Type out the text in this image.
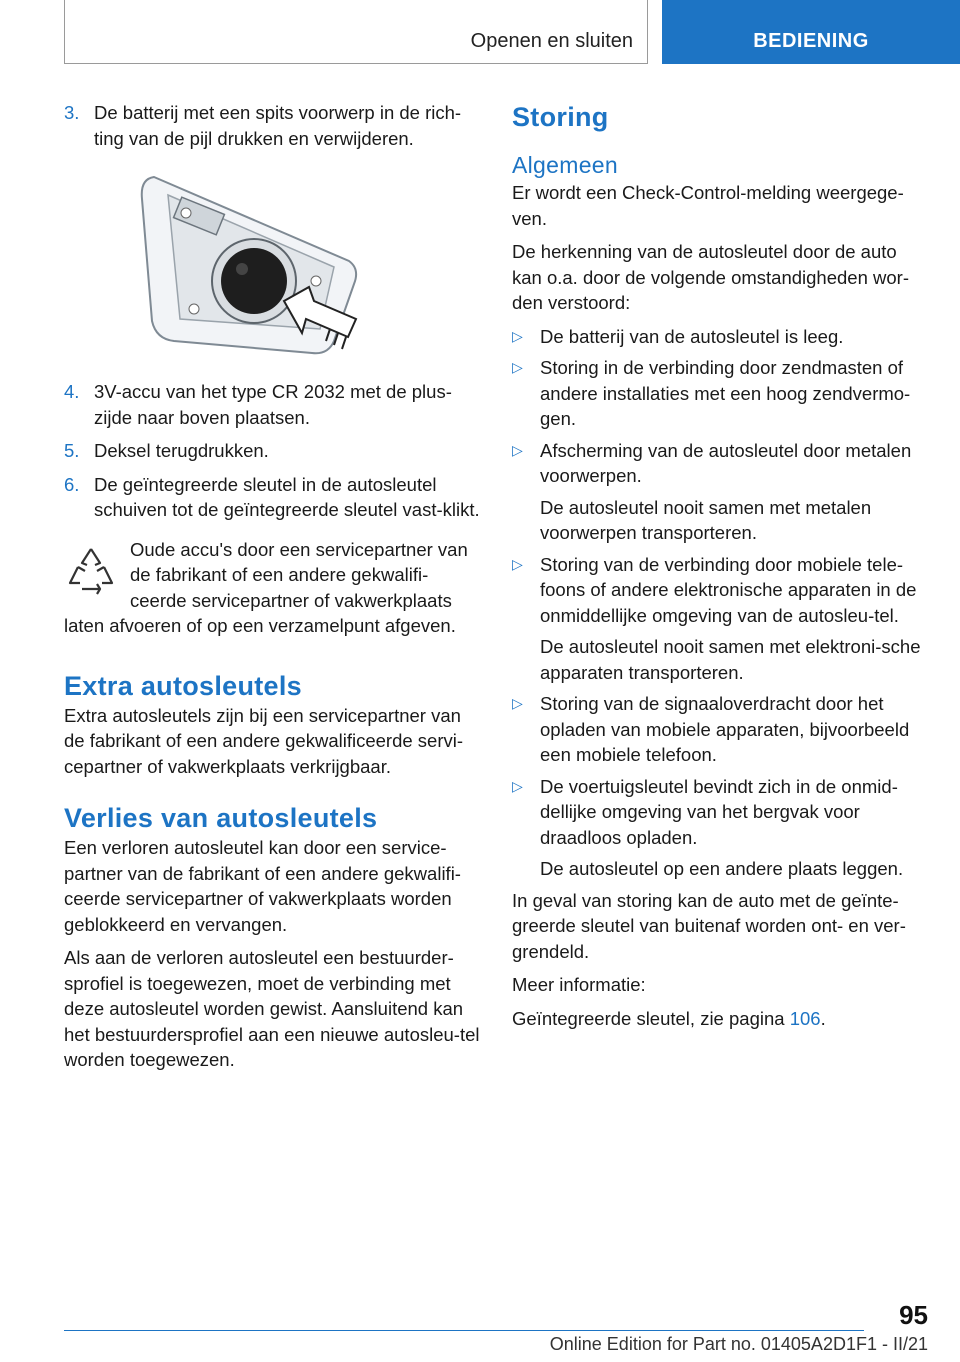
Openen en sluiten	BEDIENING
3. De batterij met een spits voorwerp in de rich-ting van de pijl drukken en verwijderen.
4. 3V-accu van het type CR 2032 met de plus-zijde naar boven plaatsen.
5. Deksel terugdrukken.
6. De geïntegreerde sleutel in de autosleutel schuiven tot de geïntegreerde sleutel vast-klikt.
Oude accu's door een servicepartner van de fabrikant of een andere gekwalifi-ceerde servicepartner of vakwerkplaats laten afvoeren of op een verzamelpunt afgeven.
Extra autosleutels

Extra autosleutels zijn bij een servicepartner van de fabrikant of een andere gekwalificeerde servi-cepartner of vakwerkplaats verkrijgbaar.

Verlies van autosleutels

Een verloren autosleutel kan door een service-partner van de fabrikant of een andere gekwalifi-ceerde servicepartner of vakwerkplaats worden geblokkeerd en vervangen.

Als aan de verloren autosleutel een bestuurder-sprofiel is toegewezen, moet de verbinding met deze autosleutel worden gewist. Aansluitend kan het bestuurdersprofiel aan een nieuwe autosleu-tel worden toegewezen.

Storing
Algemeen

Er wordt een Check-Control-melding weergege-ven.

De herkenning van de autosleutel door de auto kan o.a. door de volgende omstandigheden wor-den verstoord:

▷ De batterij van de autosleutel is leeg.

▷ Storing in de verbinding door zendmasten of andere installaties met een hoog zendvermo-gen.

▷ Afscherming van de autosleutel door metalen voorwerpen.

De autosleutel nooit samen met metalen voorwerpen transporteren.

▷ Storing van de verbinding door mobiele tele-foons of andere elektronische apparaten in de onmiddellijke omgeving van de autosleu-tel.

De autosleutel nooit samen met elektroni-sche apparaten transporteren.

▷ Storing van de signaaloverdracht door het opladen van mobiele apparaten, bijvoorbeeld een mobiele telefoon.

▷ De voertuigsleutel bevindt zich in de onmid-dellijke omgeving van het bergvak voor draadloos opladen.

De autosleutel op een andere plaats leggen.

In geval van storing kan de auto met de geïnte-greerde sleutel van buitenaf worden ont- en ver-grendeld.

Meer informatie:

Geïntegreerde sleutel, zie pagina 106.

95
Online Edition for Part no. 01405A2D1F1 - II/21
